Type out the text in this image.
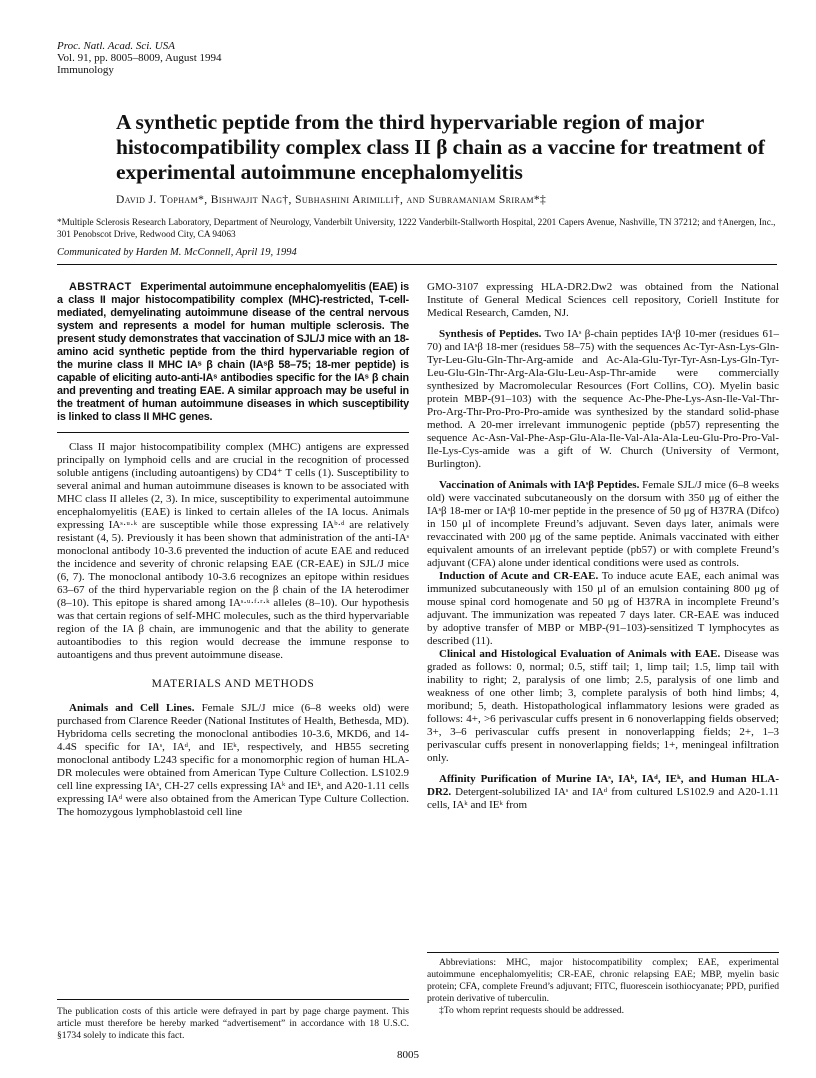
Proc. Natl. Acad. Sci. USA
Vol. 91, pp. 8005–8009, August 1994
Immunology
A synthetic peptide from the third hypervariable region of major histocompatibility complex class II β chain as a vaccine for treatment of experimental autoimmune encephalomyelitis
David J. Topham*, Bishwajit Nag†, Subhashini Arimilli†, and Subramaniam Sriram*‡
*Multiple Sclerosis Research Laboratory, Department of Neurology, Vanderbilt University, 1222 Vanderbilt-Stallworth Hospital, 2201 Capers Avenue, Nashville, TN 37212; and †Anergen, Inc., 301 Penobscot Drive, Redwood City, CA 94063
Communicated by Harden M. McConnell, April 19, 1994

ABSTRACT Experimental autoimmune encephalomyelitis (EAE) is a class II major histocompatibility complex (MHC)-restricted, T-cell-mediated, demyelinating autoimmune disease of the central nervous system and represents a model for human multiple sclerosis. The present study demonstrates that vaccination of SJL/J mice with an 18-amino acid synthetic peptide from the third hypervariable region of the murine class II MHC IAˢ β chain (IAˢβ 58–75; 18-mer peptide) is capable of eliciting auto-anti-IAˢ antibodies specific for the IAˢ β chain and preventing and treating EAE. A similar approach may be useful in the treatment of human autoimmune diseases in which susceptibility is linked to class II MHC genes.

Class II major histocompatibility complex (MHC) antigens are expressed principally on lymphoid cells and are crucial in the recognition of processed soluble antigens (including autoantigens) by CD4⁺ T cells (1). Susceptibility to several animal and human autoimmune diseases is known to be associated with MHC class II alleles (2, 3). In mice, susceptibility to experimental autoimmune encephalomyelitis (EAE) is linked to certain alleles of the IA locus. Animals expressing IAˢ·ᵘ·ᵏ are susceptible while those expressing IAᵇ·ᵈ are relatively resistant (4, 5). Previously it has been shown that administration of the anti-IAˢ monoclonal antibody 10-3.6 prevented the induction of acute EAE and reduced the incidence and severity of chronic relapsing EAE (CR-EAE) in SJL/J mice (6, 7). The monoclonal antibody 10-3.6 recognizes an epitope within residues 63–67 of the third hypervariable region on the β chain of the IA heterodimer (8–10). This epitope is shared among IAˢ·ᵘ·ᶠ·ʳ·ᵏ alleles (8–10). Our hypothesis was that certain regions of self-MHC molecules, such as the third hypervariable region of the IA β chain, are immunogenic and that the ability to generate autoantibodies to this region would decrease the immune response to autoantigens and thus prevent autoimmune disease.

MATERIALS AND METHODS

Animals and Cell Lines. Female SJL/J mice (6–8 weeks old) were purchased from Clarence Reeder (National Institutes of Health, Bethesda, MD). Hybridoma cells secreting the monoclonal antibodies 10-3.6, MKD6, and 14-4.4S specific for IAˢ, IAᵈ, and IEᵏ, respectively, and HB55 secreting monoclonal antibody L243 specific for a monomorphic region of human HLA-DR molecules were obtained from American Type Culture Collection. LS102.9 cell line expressing IAˢ, CH-27 cells expressing IAᵏ and IEᵏ, and A20-1.11 cells expressing IAᵈ were also obtained from the American Type Culture Collection. The homozygous lymphoblastoid cell line

The publication costs of this article were defrayed in part by page charge payment. This article must therefore be hereby marked “advertisement” in accordance with 18 U.S.C. §1734 solely to indicate this fact.

GMO-3107 expressing HLA-DR2.Dw2 was obtained from the National Institute of General Medical Sciences cell repository, Coriell Institute for Medical Research, Camden, NJ.

Synthesis of Peptides. Two IAˢ β-chain peptides IAˢβ 10-mer (residues 61–70) and IAˢβ 18-mer (residues 58–75) with the sequences Ac-Tyr-Asn-Lys-Gln-Tyr-Leu-Glu-Gln-Thr-Arg-amide and Ac-Ala-Glu-Tyr-Tyr-Asn-Lys-Gln-Tyr-Leu-Glu-Gln-Thr-Arg-Ala-Glu-Leu-Asp-Thr-amide were commercially synthesized by Macromolecular Resources (Fort Collins, CO). Myelin basic protein MBP-(91–103) with the sequence Ac-Phe-Phe-Lys-Asn-Ile-Val-Thr-Pro-Arg-Thr-Pro-Pro-Pro-amide was synthesized by the standard solid-phase method. A 20-mer irrelevant immunogenic peptide (pb57) representing the sequence Ac-Asn-Val-Phe-Asp-Glu-Ala-Ile-Val-Ala-Ala-Leu-Glu-Pro-Pro-Val-Ile-Lys-Cys-amide was a gift of W. Church (University of Vermont, Burlington).

Vaccination of Animals with IAˢβ Peptides. Female SJL/J mice (6–8 weeks old) were vaccinated subcutaneously on the dorsum with 350 μg of either the IAˢβ 18-mer or IAˢβ 10-mer peptide in the presence of 50 μg of H37RA (Difco) in 150 μl of incomplete Freund’s adjuvant. Seven days later, animals were revaccinated with 200 μg of the same peptide. Animals vaccinated with either equivalent amounts of an irrelevant peptide (pb57) or with complete Freund’s adjuvant (CFA) alone under identical conditions were used as controls.

Induction of Acute and CR-EAE. To induce acute EAE, each animal was immunized subcutaneously with 150 μl of an emulsion containing 800 μg of mouse spinal cord homogenate and 50 μg of H37RA in incomplete Freund’s adjuvant. The immunization was repeated 7 days later. CR-EAE was induced by adoptive transfer of MBP or MBP-(91–103)-sensitized T lymphocytes as described (11).

Clinical and Histological Evaluation of Animals with EAE. Disease was graded as follows: 0, normal; 0.5, stiff tail; 1, limp tail; 1.5, limp tail with inability to right; 2, paralysis of one limb; 2.5, paralysis of one limb and weakness of one other limb; 3, complete paralysis of both hind limbs; 4, moribund; 5, death. Histopathological inflammatory lesions were graded as follows: 4+, >6 perivascular cuffs present in 6 nonoverlapping fields observed; 3+, 3–6 perivascular cuffs present in nonoverlapping fields; 2+, 1–3 perivascular cuffs present in nonoverlapping fields; 1+, meningeal infiltration only.

Affinity Purification of Murine IAˢ, IAᵏ, IAᵈ, IEᵏ, and Human HLA-DR2. Detergent-solubilized IAˢ and IAᵈ from cultured LS102.9 and A20-1.11 cells, IAᵏ and IEᵏ from

Abbreviations: MHC, major histocompatibility complex; EAE, experimental autoimmune encephalomyelitis; CR-EAE, chronic relapsing EAE; MBP, myelin basic protein; CFA, complete Freund’s adjuvant; FITC, fluorescein isothiocyanate; PPD, purified protein derivative of tuberculin.

‡To whom reprint requests should be addressed.

8005
